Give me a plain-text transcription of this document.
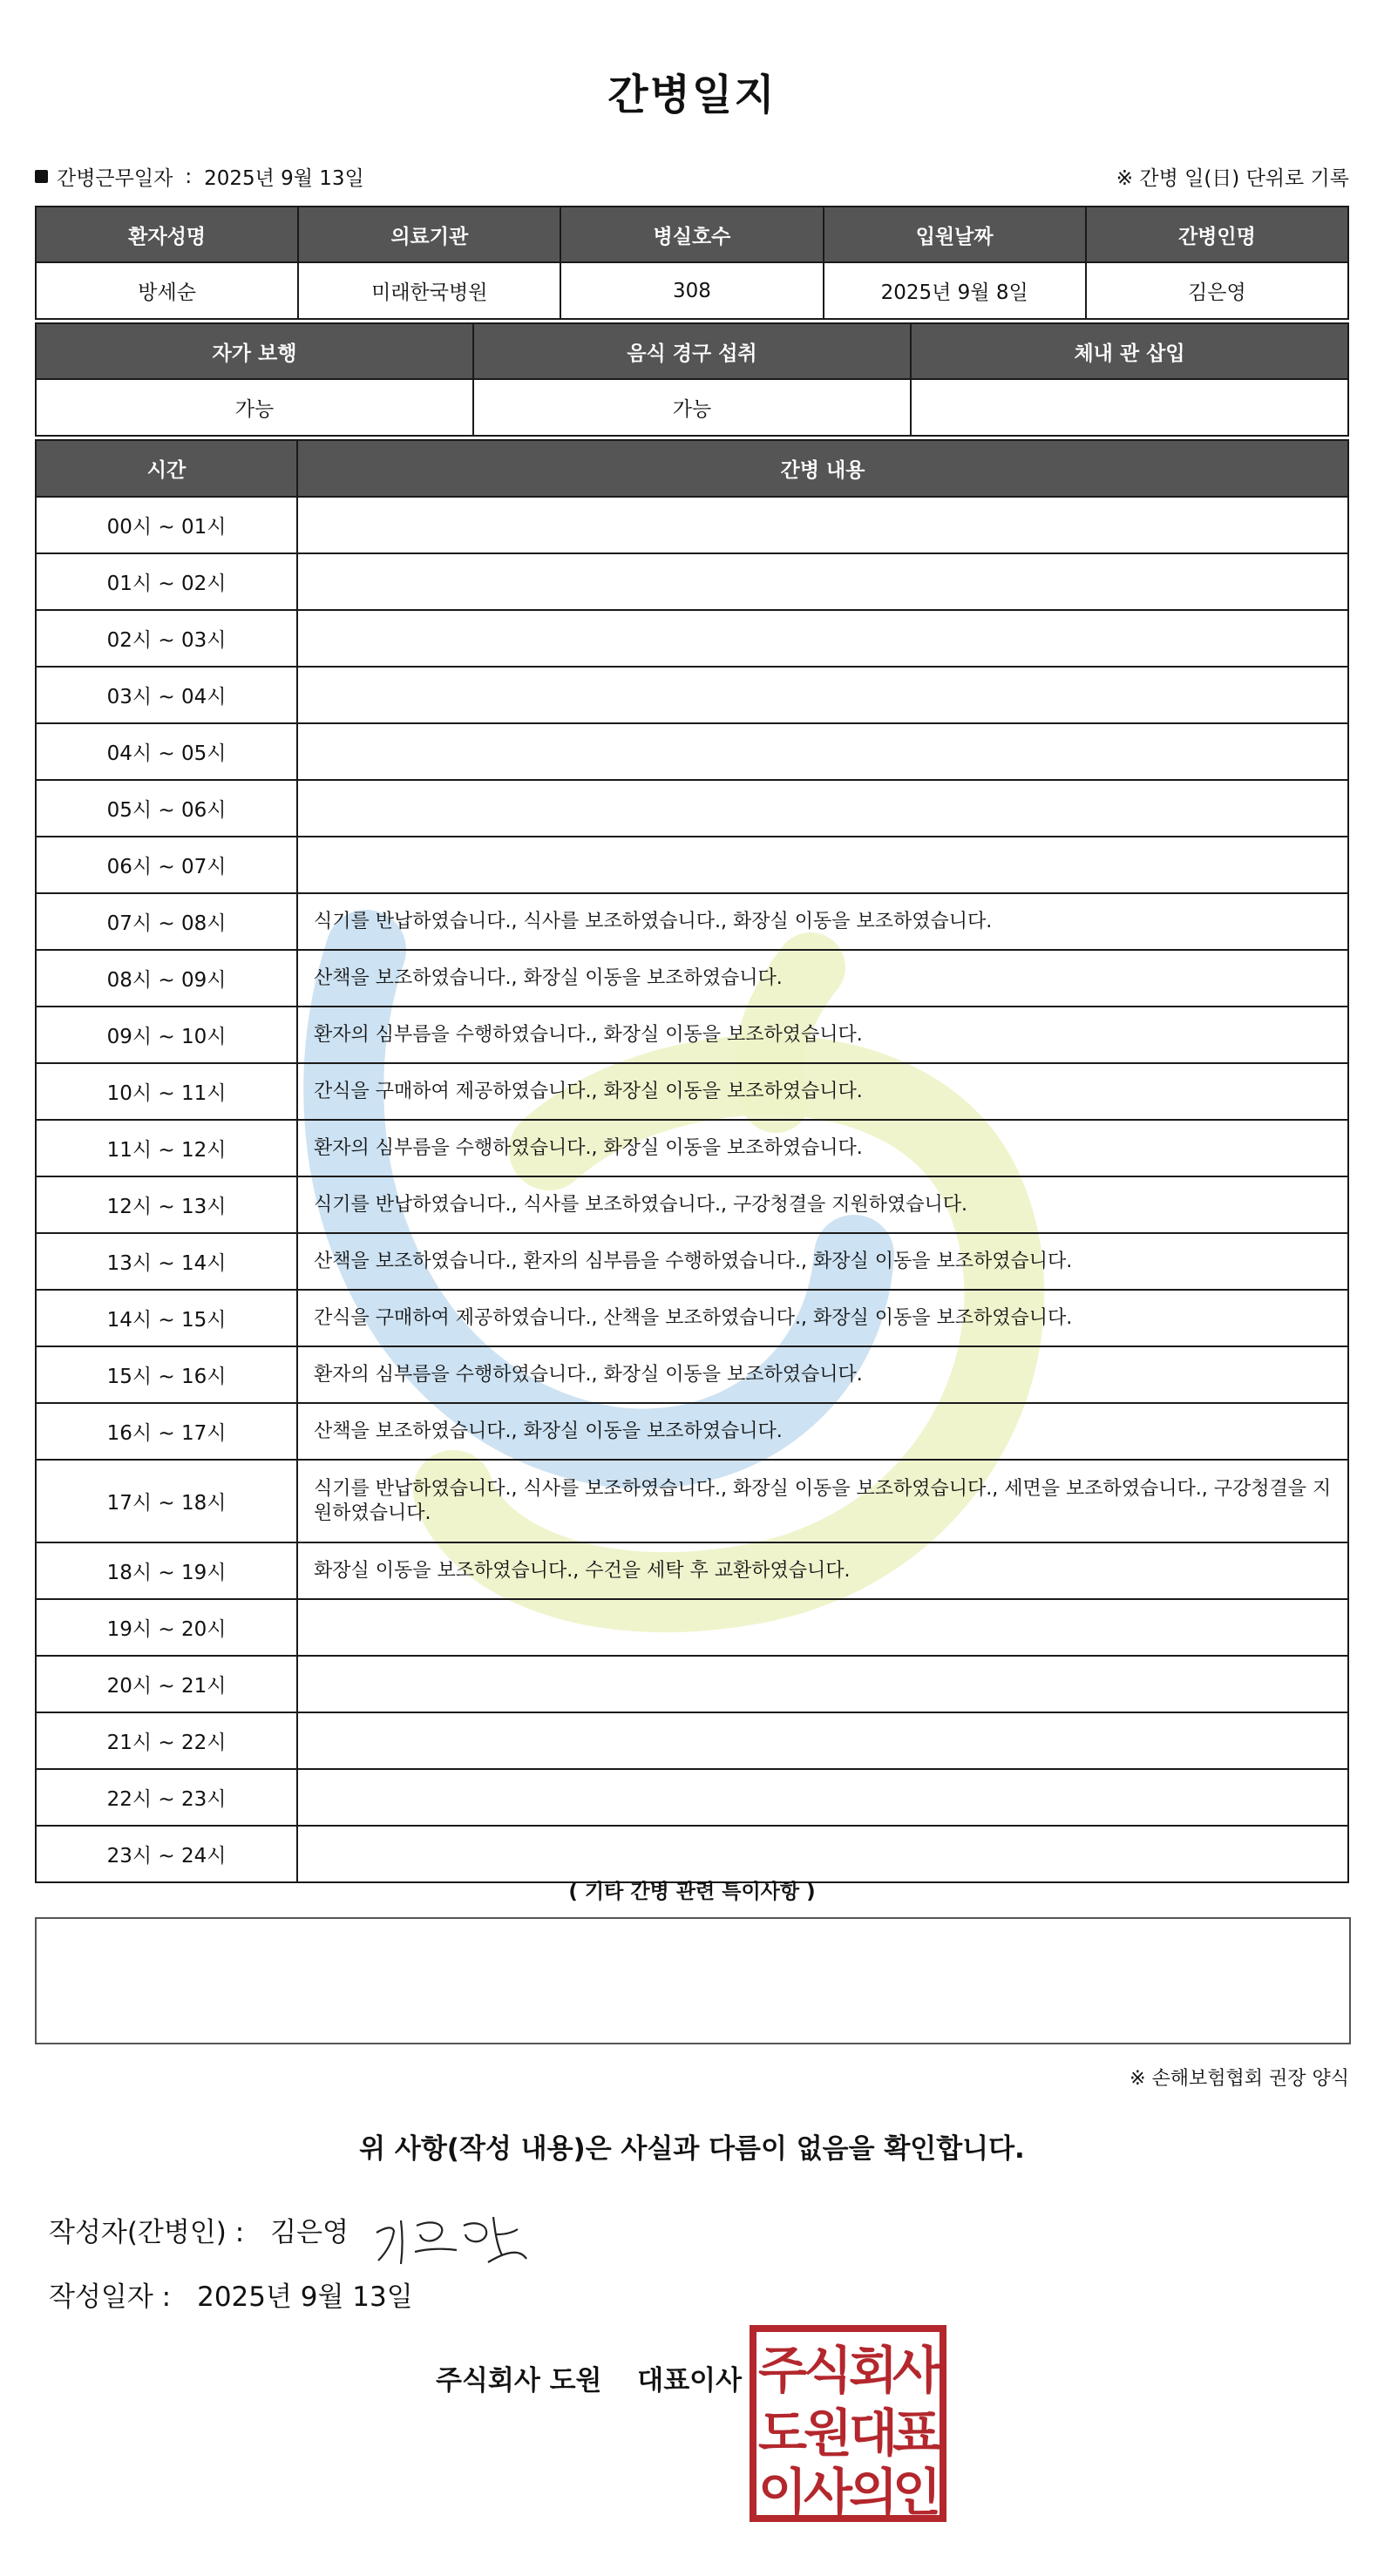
간병일지
간병근무일자 : 2025년 9월 13일	※ 간병 일(日) 단위로 기록
환자성명	의료기관	병실호수	입원날짜	간병인명
방세순	미래한국병원	308	2025년 9월 8일	김은영
자가 보행	음식 경구 섭취	체내 관 삽입
가능	가능	
시간	간병 내용
00시 ~ 01시	
01시 ~ 02시	
02시 ~ 03시	
03시 ~ 04시	
04시 ~ 05시	
05시 ~ 06시	
06시 ~ 07시	
07시 ~ 08시	식기를 반납하였습니다., 식사를 보조하였습니다., 화장실 이동을 보조하였습니다.
08시 ~ 09시	산책을 보조하였습니다., 화장실 이동을 보조하였습니다.
09시 ~ 10시	환자의 심부름을 수행하였습니다., 화장실 이동을 보조하였습니다.
10시 ~ 11시	간식을 구매하여 제공하였습니다., 화장실 이동을 보조하였습니다.
11시 ~ 12시	환자의 심부름을 수행하였습니다., 화장실 이동을 보조하였습니다.
12시 ~ 13시	식기를 반납하였습니다., 식사를 보조하였습니다., 구강청결을 지원하였습니다.
13시 ~ 14시	산책을 보조하였습니다., 환자의 심부름을 수행하였습니다., 화장실 이동을 보조하였습니다.
14시 ~ 15시	간식을 구매하여 제공하였습니다., 산책을 보조하였습니다., 화장실 이동을 보조하였습니다.
15시 ~ 16시	환자의 심부름을 수행하였습니다., 화장실 이동을 보조하였습니다.
16시 ~ 17시	산책을 보조하였습니다., 화장실 이동을 보조하였습니다.
17시 ~ 18시	식기를 반납하였습니다., 식사를 보조하였습니다., 화장실 이동을 보조하였습니다., 세면을 보조하였습니다., 구강청결을 지원하였습니다.
18시 ~ 19시	화장실 이동을 보조하였습니다., 수건을 세탁 후 교환하였습니다.
19시 ~ 20시	
20시 ~ 21시	
21시 ~ 22시	
22시 ~ 23시	
23시 ~ 24시	
( 기타 간병 관련 특이사항 )
※ 손해보험협회 권장 양식
위 사항(작성 내용)은 사실과 다름이 없음을 확인합니다.
작성자(간병인) : 김은영
작성일자 : 2025년 9월 13일
주식회사 도원 대표이사 주
식
회
사
도
원
대
표
이
사
의
인
